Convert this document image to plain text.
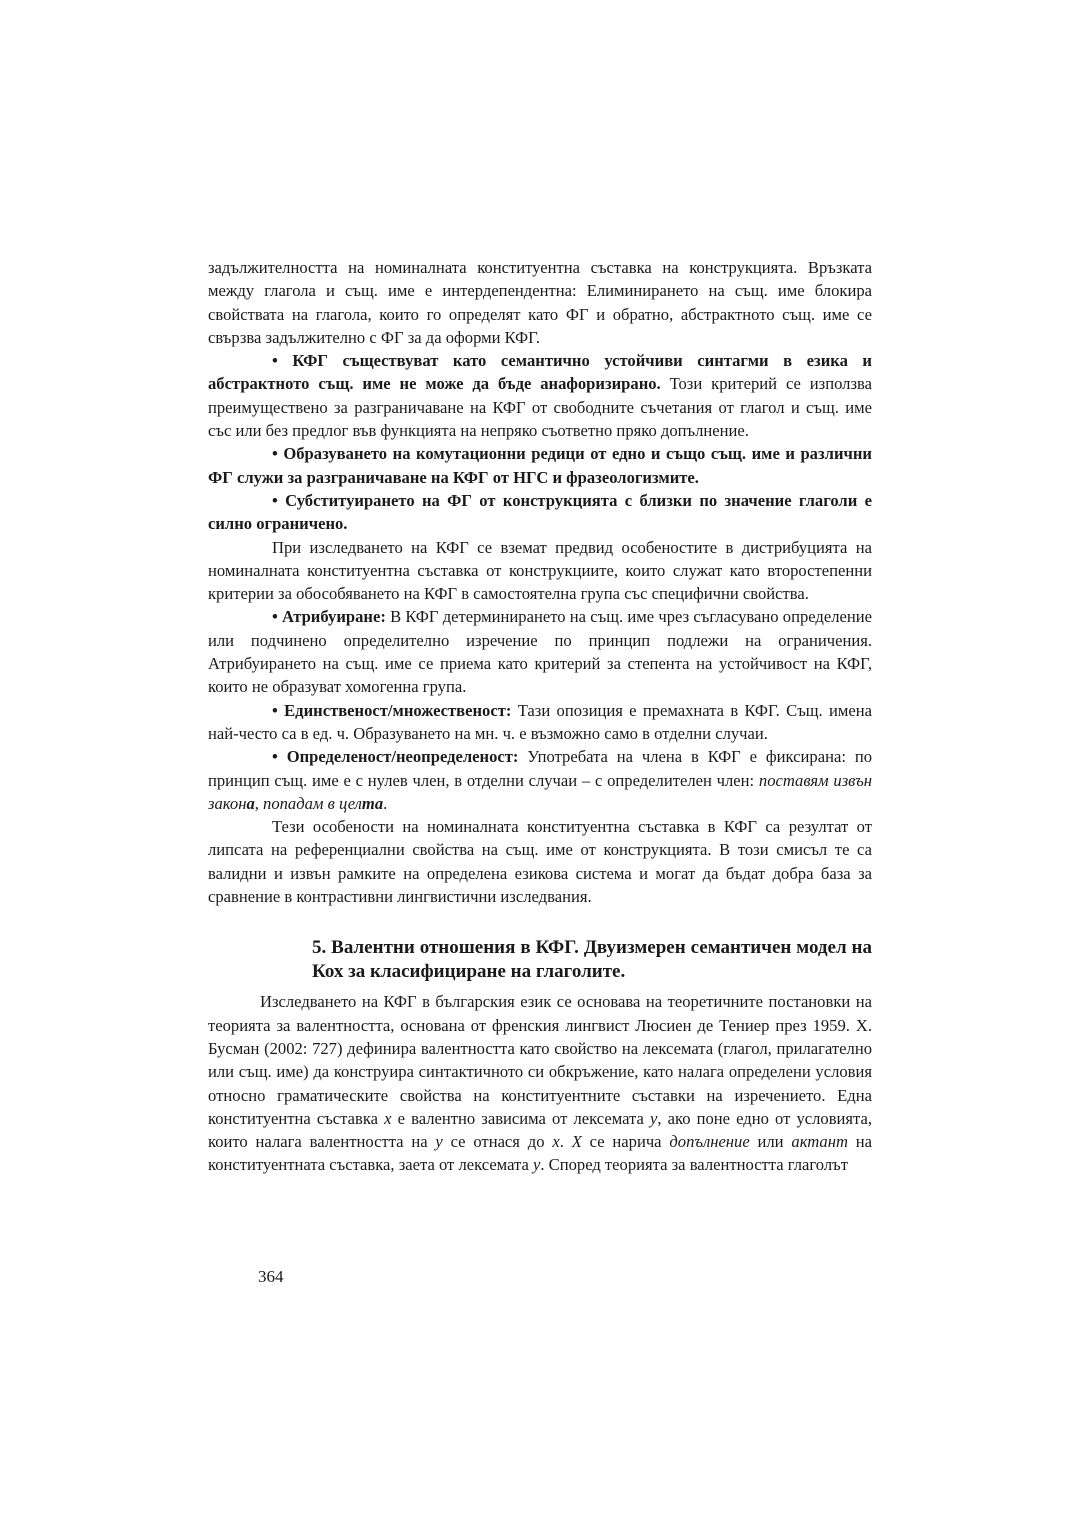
задължителността на номиналната конституентна съставка на конструкцията. Връзката между глагола и същ. име е интердепендентна: Елиминирането на същ. име блокира свойствата на глагола, които го определят като ФГ и обратно, абстрактното същ. име се свързва задължително с ФГ за да оформи КФГ.

• КФГ съществуват като семантично устойчиви синтагми в езика и абстрактното същ. име не може да бъде анафоризирано. Този критерий се използва преимуществено за разграничаване на КФГ от свободните съчетания от глагол и същ. име със или без предлог във функцията на непряко съответно пряко допълнение.

• Образуването на комутационни редици от едно и също същ. име и различни ФГ служи за разграничаване на КФГ от НГС и фразеологизмите.

• Субституирането на ФГ от конструкцията с близки по значение глаголи е силно ограничено.

При изследването на КФГ се вземат предвид особеностите в дистрибуцията на номиналната конституентна съставка от конструкциите, които служат като второстепенни критерии за обособяването на КФГ в самостоятелна група със специфични свойства.

• Атрибуиране: В КФГ детерминирането на същ. име чрез съгласувано определение или подчинено определително изречение по принцип подлежи на ограничения. Атрибуирането на същ. име се приема като критерий за степента на устойчивост на КФГ, които не образуват хомогенна група.

• Единственост/множественост: Тази опозиция е премахната в КФГ. Същ. имена най-често са в ед. ч. Образуването на мн. ч. е възможно само в отделни случаи.

• Определеност/неопределеност: Употребата на члена в КФГ е фиксирана: по принцип същ. име е с нулев член, в отделни случаи – с определителен член: поставям извън закона, попадам в целта.

Тези особености на номиналната конституентна съставка в КФГ са резултат от липсата на референциални свойства на същ. име от конструкцията. В този смисъл те са валидни и извън рамките на определена езикова система и могат да бъдат добра база за сравнение в контрастивни лингвистични изследвания.

5. Валентни отношения в КФГ. Двуизмерен семантичен модел на Кох за класифициране на глаголите.

Изследването на КФГ в българския език се основава на теоретичните постановки на теорията за валентността, основана от френския лингвист Люсиен де Тениер през 1959. Х. Бусман (2002: 727) дефинира валентността като свойство на лексемата (глагол, прилагателно или същ. име) да конструира синтактичното си обкръжение, като налага определени условия относно граматическите свойства на конституентните съставки на изречението. Една конституентна съставка х е валентно зависима от лексемата у, ако поне едно от условията, които налага валентността на у се отнася до х. Х се нарича допълнение или актант на конституентната съставка, заета от лексемата у. Според теорията за валентността глаголът

364
